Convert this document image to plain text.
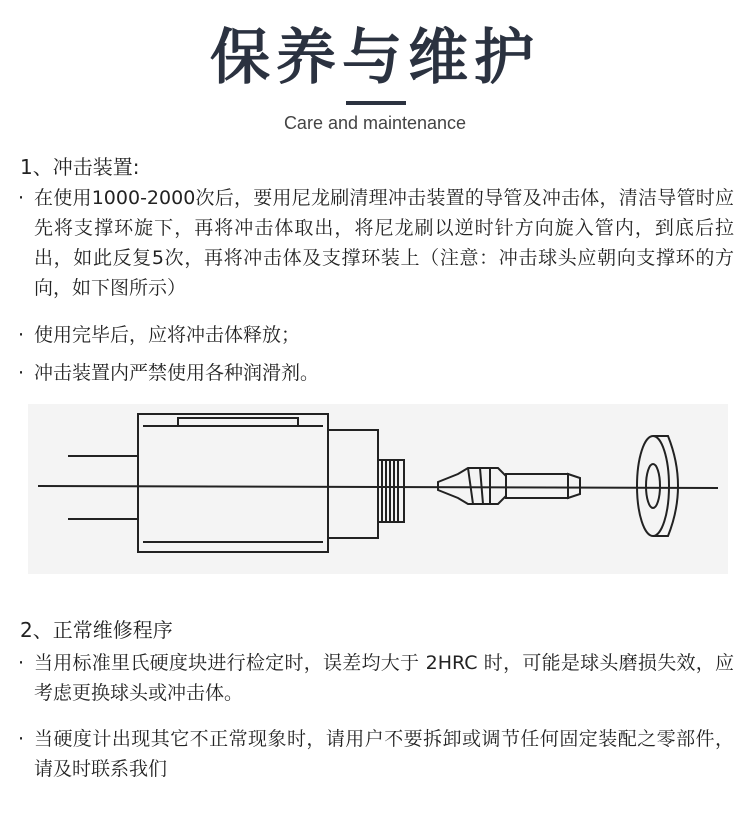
保养与维护
Care and maintenance
1、冲击装置:
· 在使用1000-2000次后，要用尼龙刷清理冲击装置的导管及冲击体，清洁导管时应先将支撑环旋下，再将冲击体取出，将尼龙刷以逆时针方向旋入管内，到底后拉出，如此反复5次，再将冲击体及支撑环装上（注意：冲击球头应朝向支撑环的方向，如下图所示）
· 使用完毕后，应将冲击体释放；
· 冲击装置内严禁使用各种润滑剂。
2、正常维修程序
· 当用标准里氏硬度块进行检定时，误差均大于 2HRC 时，可能是球头磨损失效，应考虑更换球头或冲击体。
· 当硬度计出现其它不正常现象时，请用户不要拆卸或调节任何固定装配之零部件，请及时联系我们
